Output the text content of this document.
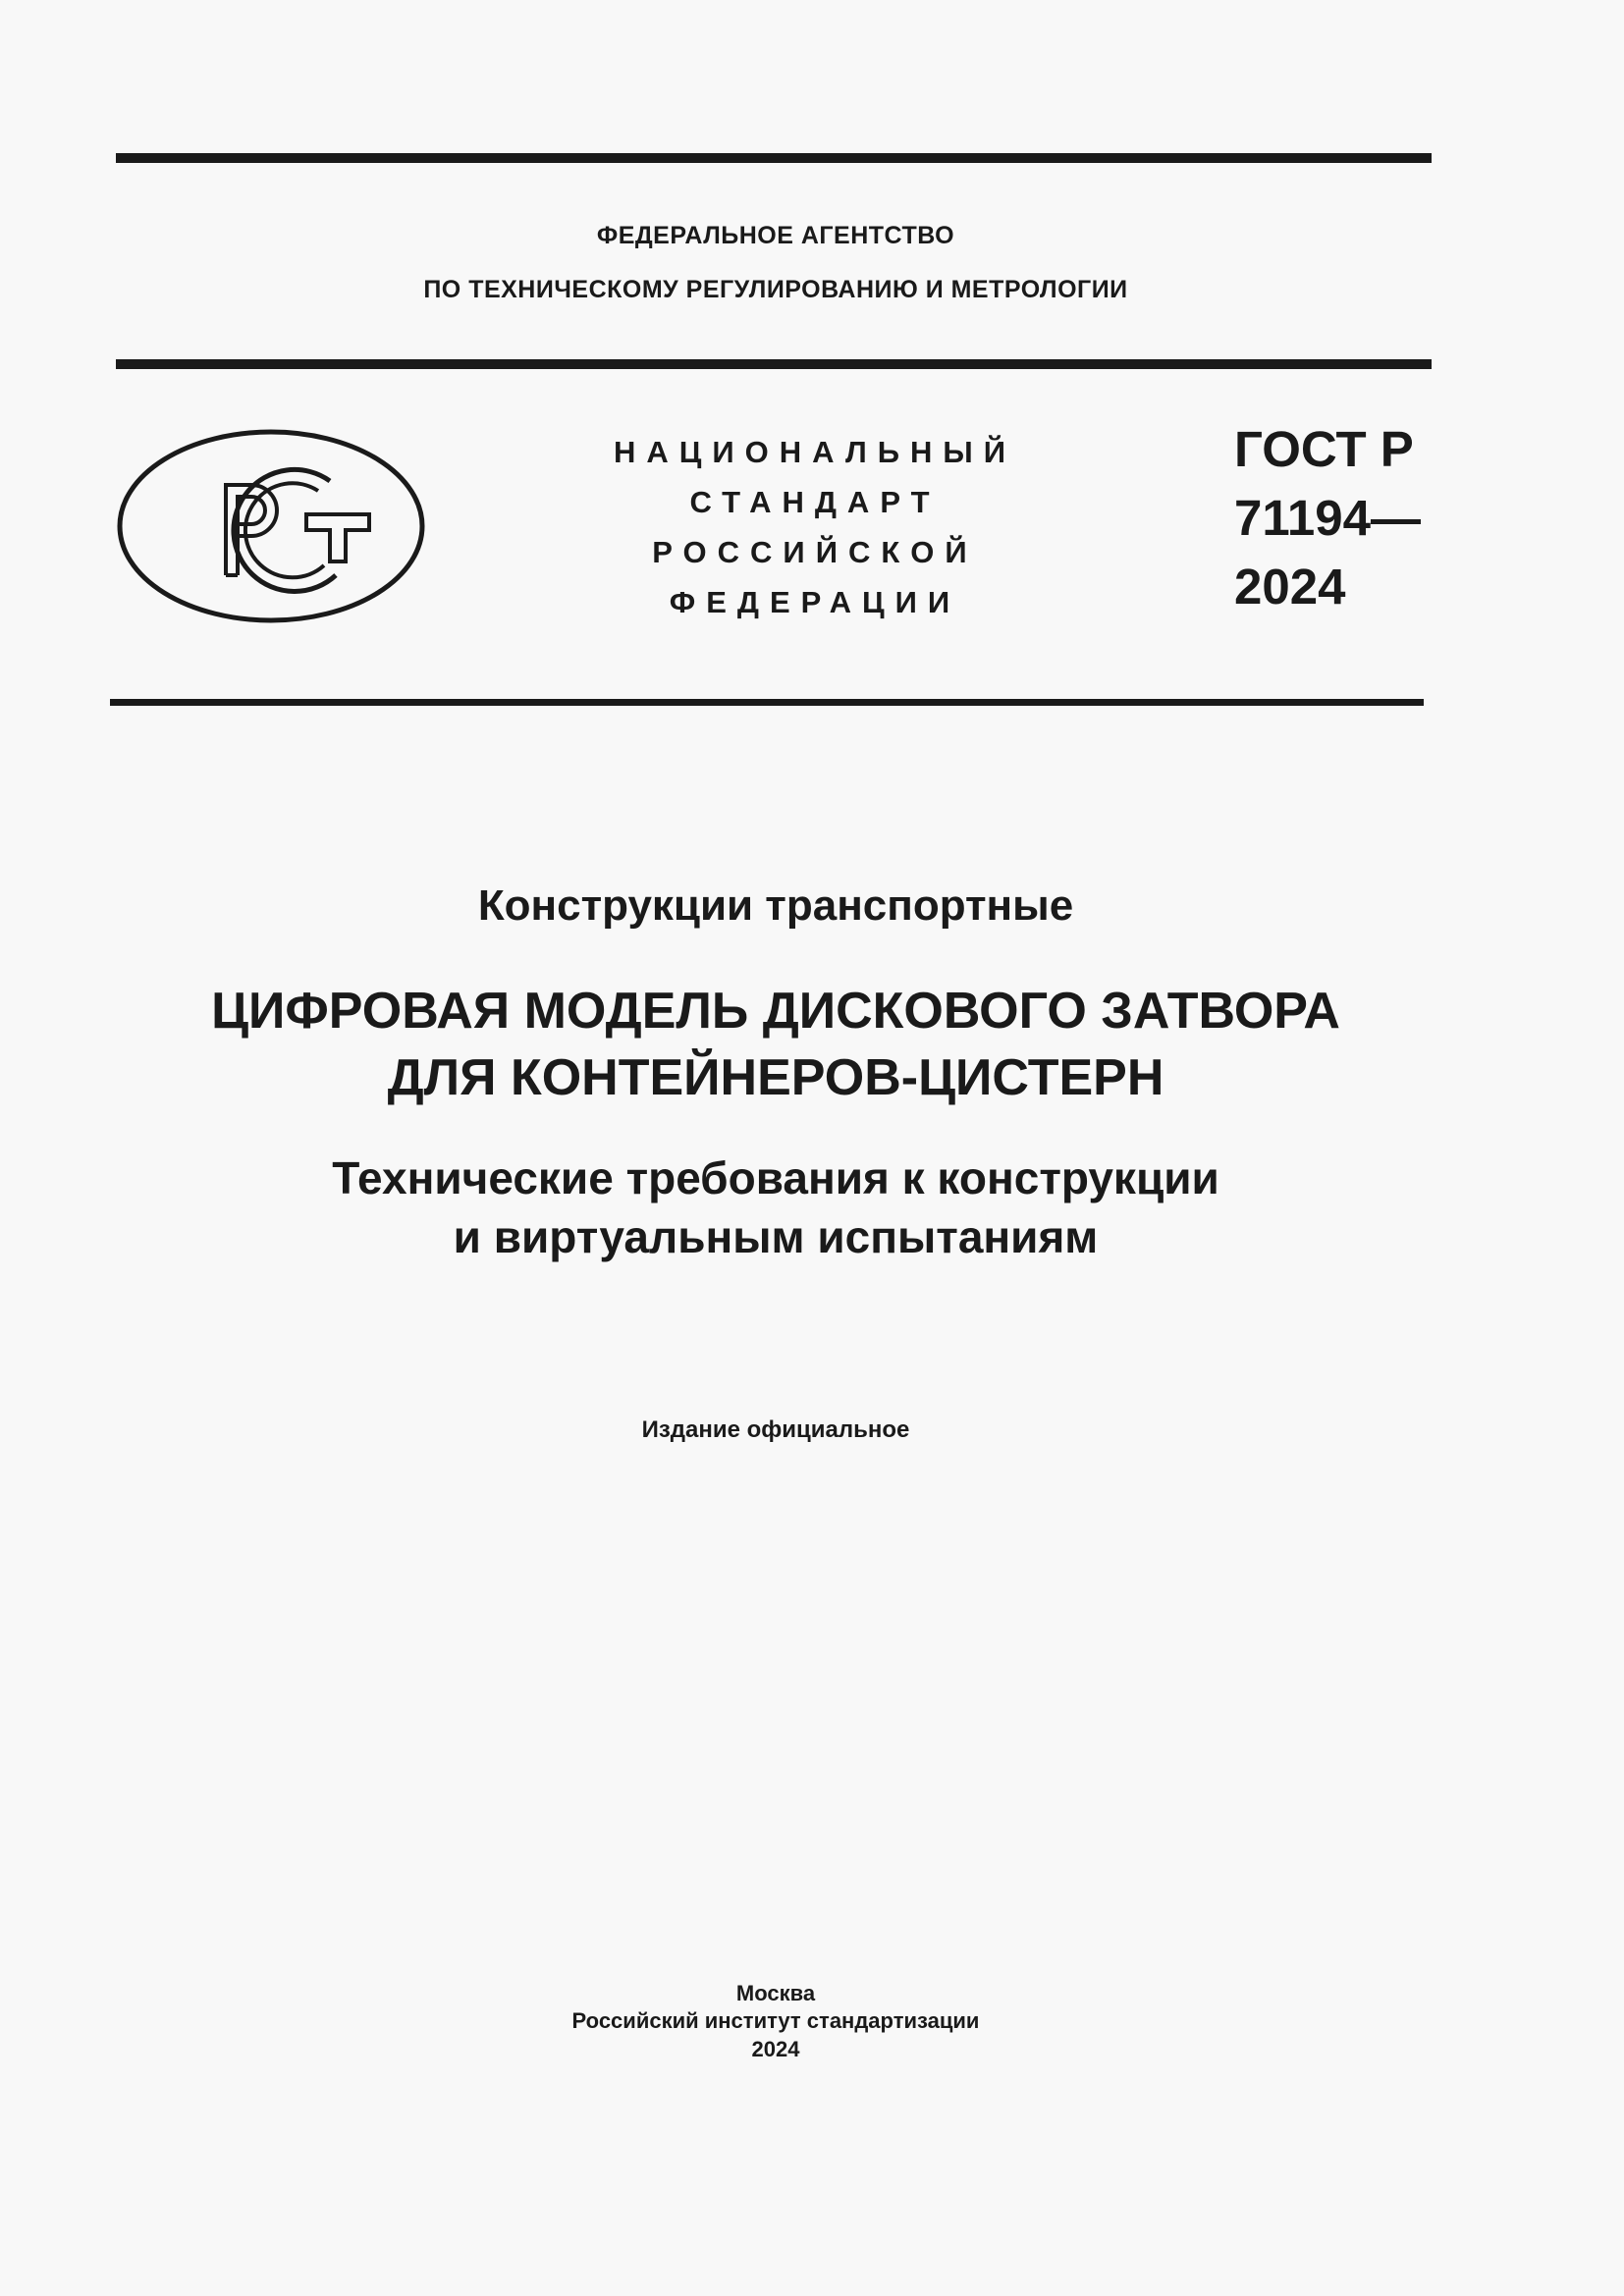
ФЕДЕРАЛЬНОЕ АГЕНТСТВО
ПО ТЕХНИЧЕСКОМУ РЕГУЛИРОВАНИЮ И МЕТРОЛОГИИ
НАЦИОНАЛЬНЫЙ
СТАНДАРТ
РОССИЙСКОЙ
ФЕДЕРАЦИИ
ГОСТ Р
71194—
2024
Конструкции транспортные
ЦИФРОВАЯ МОДЕЛЬ ДИСКОВОГО ЗАТВОРА
ДЛЯ КОНТЕЙНЕРОВ-ЦИСТЕРН
Технические требования к конструкции
и виртуальным испытаниям
Издание официальное
Москва
Российский институт стандартизации
2024
